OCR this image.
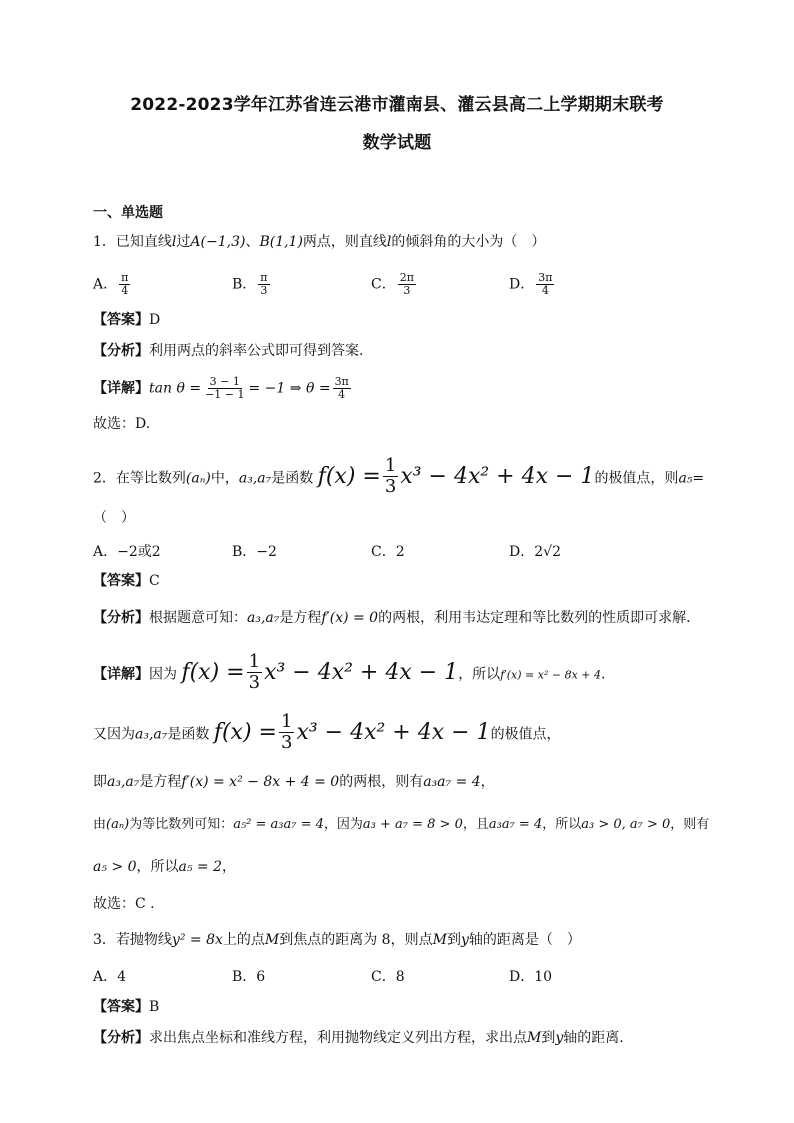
2022-2023学年江苏省连云港市灌南县、灌云县高二上学期期末联考
数学试题
一、单选题
1．已知直线l过A(−1,3)、B(1,1)两点，则直线l的倾斜角的大小为（　）
A． $\frac{\pi}{4}$	B． $\frac{\pi}{3}$	C． $\frac{2\pi}{3}$	D． $\frac{3\pi}{4}$
【答案】D
【分析】利用两点的斜率公式即可得到答案.
【详解】$\tan \theta = \frac{3 - 1}{-1 - 1} = -1$ ⇒ $\theta = \frac{3\pi}{4}$
故选：D.
2．在等比数列(aₙ)中，a₃,a₇是函数 $f(x) = \frac{1}{3} x^3 - 4x^2 + 4x - 1$的极值点，则a₅=
（　）
A．−2或2	B．−2	C．2	D．2√2
【答案】C
【分析】根据题意可知：a₃,a₇是方程f′(x) = 0的两根，利用韦达定理和等比数列的性质即可求解.
【详解】因为 $f(x) = \frac{1}{3} x^3 - 4x^2 + 4x - 1$，所以f′(x) = x² − 8x + 4.
又因为a₃,a₇是函数 $f(x) = \frac{1}{3} x^3 - 4x^2 + 4x - 1$的极值点，
即a₃,a₇是方程f′(x) = x² − 8x + 4 = 0的两根，则有a₃a₇ = 4，
由(aₙ)为等比数列可知：a₅² = a₃a₇ = 4，因为a₃ + a₇ = 8 > 0，且a₃a₇ = 4，所以a₃ > 0, a₇ > 0，则有
a₅ > 0，所以a₅ = 2，
故选：C .
3．若抛物线y² = 8x上的点M到焦点的距离为 8，则点M到y轴的距离是（　）
A．4	B．6	C．8	D．10
【答案】B
【分析】求出焦点坐标和准线方程，利用抛物线定义列出方程，求出点M到y轴的距离.
